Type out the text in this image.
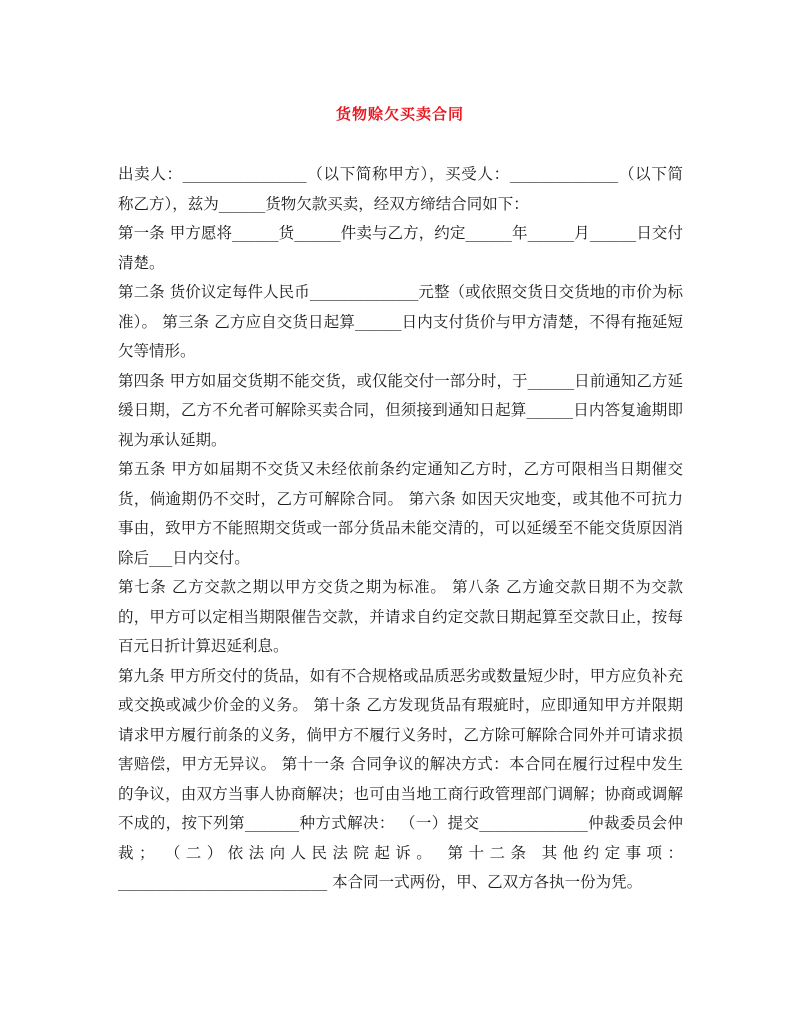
货物赊欠买卖合同

出卖人：________________（以下简称甲方），买受人：______________（以下简称乙方），兹为______货物欠款买卖，经双方缔结合同如下：

第一条 甲方愿将______货______件卖与乙方，约定______年______月______日交付清楚。

第二条 货价议定每件人民币______________元整（或依照交货日交货地的市价为标准）。 第三条 乙方应自交货日起算______日内支付货价与甲方清楚，不得有拖延短欠等情形。

第四条 甲方如届交货期不能交货，或仅能交付一部分时，于______日前通知乙方延缓日期，乙方不允者可解除买卖合同，但须接到通知日起算______日内答复逾期即视为承认延期。

第五条 甲方如届期不交货又未经依前条约定通知乙方时，乙方可限相当日期催交货，倘逾期仍不交时，乙方可解除合同。 第六条 如因天灾地变，或其他不可抗力事由，致甲方不能照期交货或一部分货品未能交清的，可以延缓至不能交货原因消除后___日内交付。

第七条 乙方交款之期以甲方交货之期为标准。 第八条 乙方逾交款日期不为交款的，甲方可以定相当期限催告交款，并请求自约定交款日期起算至交款日止，按每百元日折计算迟延利息。

第九条 甲方所交付的货品，如有不合规格或品质恶劣或数量短少时，甲方应负补充或交换或减少价金的义务。 第十条 乙方发现货品有瑕疵时，应即通知甲方并限期请求甲方履行前条的义务，倘甲方不履行义务时，乙方除可解除合同外并可请求损害赔偿，甲方无异议。 第十一条 合同争议的解决方式：本合同在履行过程中发生的争议，由双方当事人协商解决；也可由当地工商行政管理部门调解；协商或调解不成的，按下列第_______种方式解决： （一）提交______________仲裁委员会仲裁； （二）依法向人民法院起诉。 第十二条 其他约定事项：___________________________ 本合同一式两份，甲、乙双方各执一份为凭。
